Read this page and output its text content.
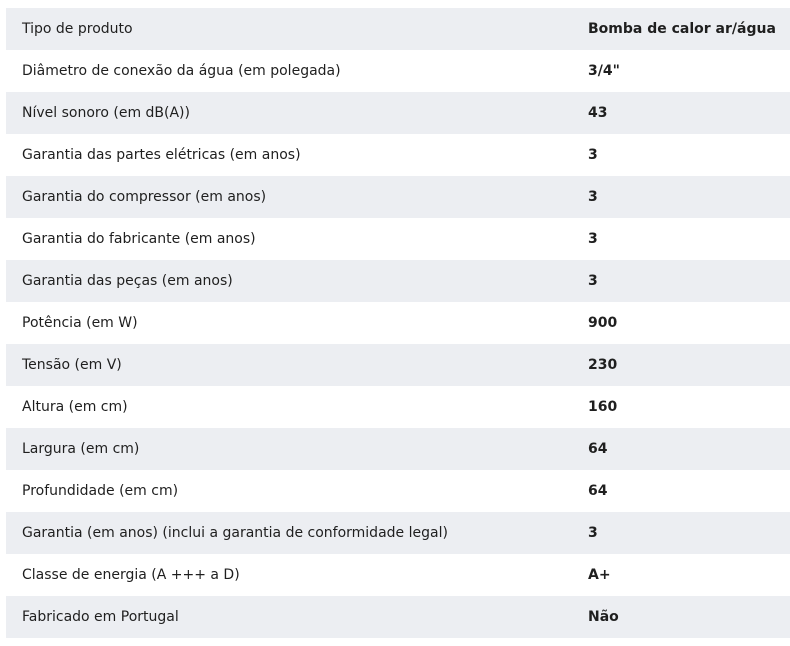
Tipo de produto	Bomba de calor ar/água
Diâmetro de conexão da água (em polegada)	3/4"
Nível sonoro (em dB(A))	43
Garantia das partes elétricas (em anos)	3
Garantia do compressor (em anos)	3
Garantia do fabricante (em anos)	3
Garantia das peças (em anos)	3
Potência (em W)	900
Tensão (em V)	230
Altura (em cm)	160
Largura (em cm)	64
Profundidade (em cm)	64
Garantia (em anos) (inclui a garantia de conformidade legal)	3
Classe de energia (A +++ a D)	A+
Fabricado em Portugal	Não
